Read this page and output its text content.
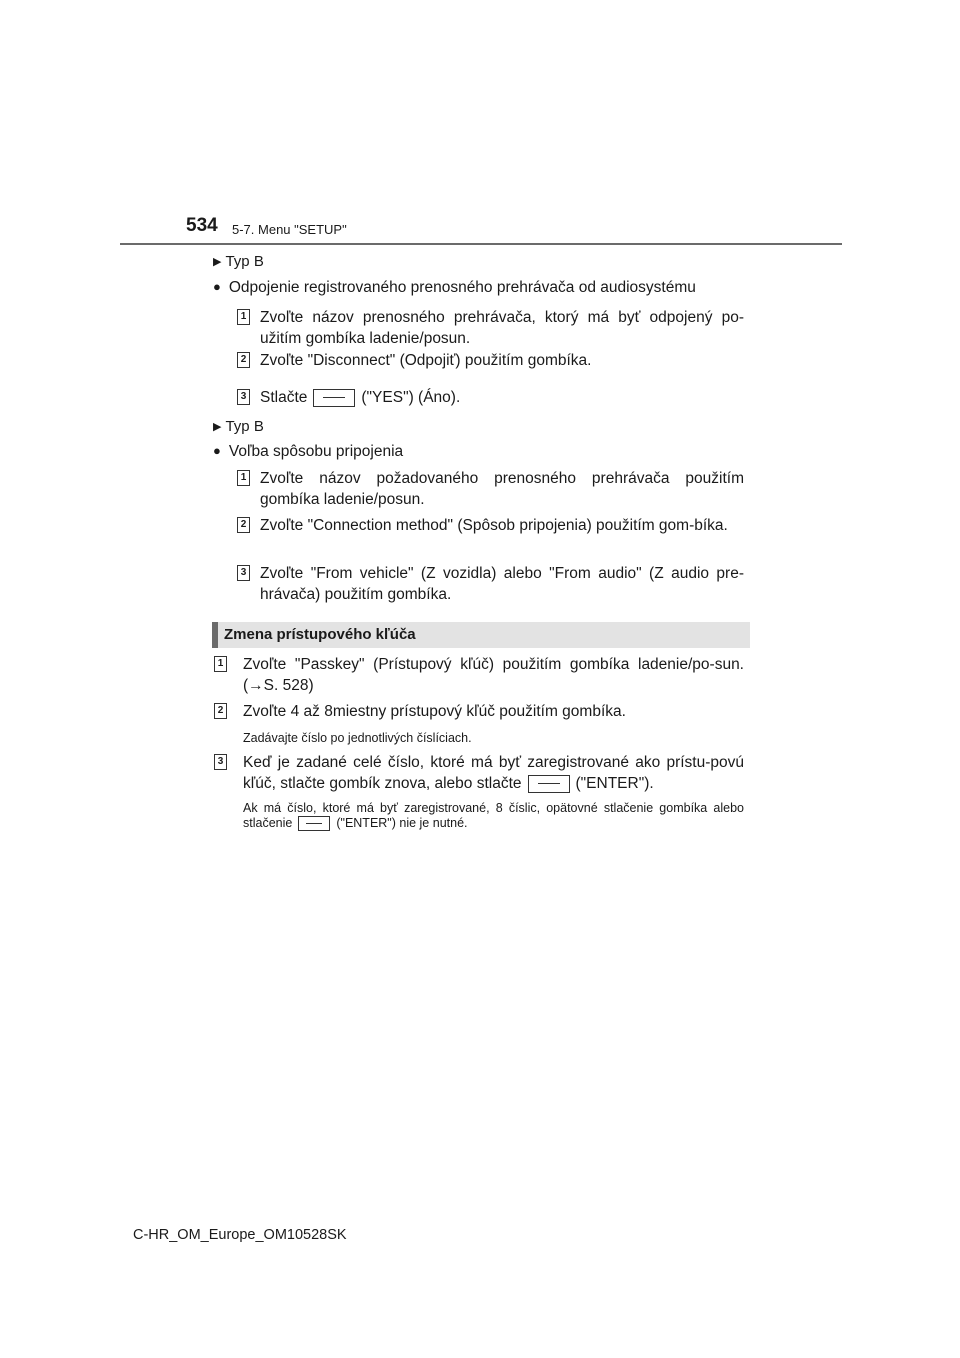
534 5-7. Menu "SETUP"
▶ Typ B
● Odpojenie registrovaného prenosného prehrávača od audiosystému
1 Zvoľte názov prenosného prehrávača, ktorý má byť odpojený po-užitím gombíka ladenie/posun.
2 Zvoľte "Disconnect" (Odpojiť) použitím gombíka.
3 Stlačte	("YES") (Áno).
▶ Typ B
● Voľba spôsobu pripojenia
1 Zvoľte názov požadovaného prenosného prehrávača použitím gombíka ladenie/posun.
2 Zvoľte "Connection method" (Spôsob pripojenia) použitím gom-bíka.
3 Zvoľte "From vehicle" (Z vozidla) alebo "From audio" (Z audio pre-hrávača) použitím gombíka.
Zmena prístupového kľúča
1 Zvoľte "Passkey" (Prístupový kľúč) použitím gombíka ladenie/po-sun. (→S. 528)
2 Zvoľte 4 až 8miestny prístupový kľúč použitím gombíka.
Zadávajte číslo po jednotlivých číslíciach.
3 Keď je zadané celé číslo, ktoré má byť zaregistrované ako prístu-povú kľúč, stlačte gombík znova, alebo stlačte	("ENTER").
Ak má číslo, ktoré má byť zaregistrované, 8 číslic, opätovné stlačenie gombíka alebo stlačenie	("ENTER") nie je nutné.
C-HR_OM_Europe_OM10528SK
